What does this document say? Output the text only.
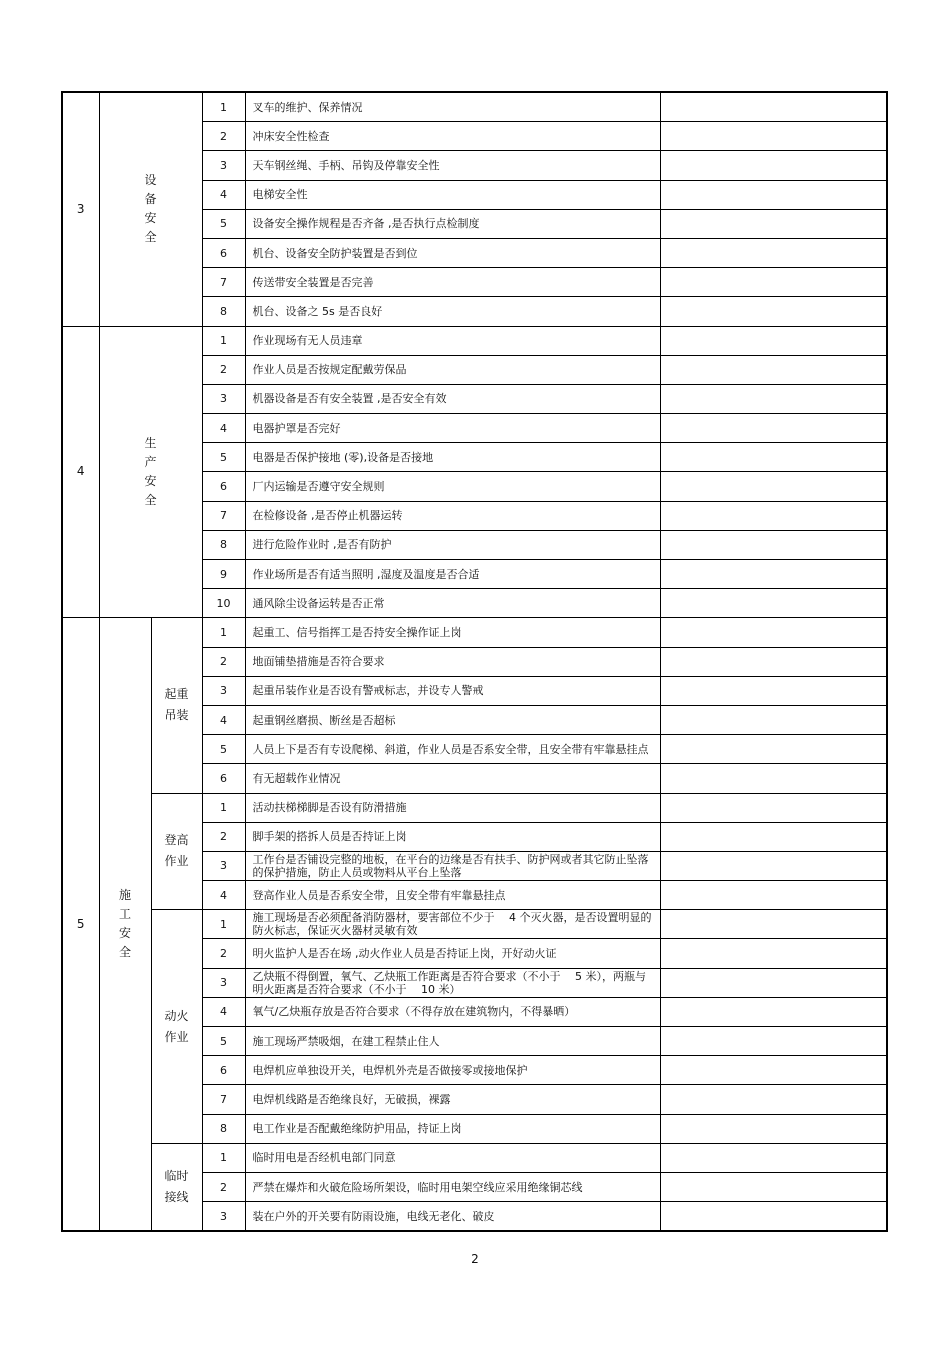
3	设备安全		1	叉车的维护、保养情况	
			2	冲床安全性检查	
			3	天车钢丝绳、手柄、吊钩及停靠安全性	
			4	电梯安全性	
			5	设备安全操作规程是否齐备 ,是否执行点检制度	
			6	机台、设备安全防护装置是否到位	
			7	传送带安全装置是否完善	
			8	机台、设备之 5s 是否良好	
4	生产安全		1	作业现场有无人员违章	
			2	作业人员是否按规定配戴劳保品	
			3	机器设备是否有安全装置 ,是否安全有效	
			4	电器护罩是否完好	
			5	电器是否保护接地 (零),设备是否接地	
			6	厂内运输是否遵守安全规则	
			7	在检修设备 ,是否停止机器运转	
			8	进行危险作业时 ,是否有防护	
			9	作业场所是否有适当照明 ,湿度及温度是否合适	
			10	通风除尘设备运转是否正常	
5	施工安全	起重吊装	1	起重工、信号指挥工是否持安全操作证上岗	
			2	地面铺垫措施是否符合要求	
			3	起重吊装作业是否设有警戒标志，并设专人警戒	
			4	起重钢丝磨损、断丝是否超标	
			5	人员上下是否有专设爬梯、斜道，作业人员是否系安全带，且安全带有牢靠悬挂点	
			6	有无超载作业情况	

		登高作业	1	活动扶梯梯脚是否设有防滑措施	
			2	脚手架的搭拆人员是否持证上岗	
			3	工作台是否铺设完整的地板，在平台的边缘是否有扶手、防护网或者其它防止坠落的保护措施，防止人员或物料从平台上坠落	
			4	登高作业人员是否系安全带，且安全带有牢靠悬挂点	

		动火作业	1	施工现场是否必须配备消防器材，要害部位不少于　 4 个灭火器，是否设置明显的防火标志，保证灭火器材灵敏有效	
			2	明火监护人是否在场 ,动火作业人员是否持证上岗，开好动火证	
			3	乙炔瓶不得倒置，氧气、乙炔瓶工作距离是否符合要求（不小于　 5 米），两瓶与明火距离是否符合要求（不小于　 10 米）	
			4	氧气/乙炔瓶存放是否符合要求（不得存放在建筑物内，不得暴晒）	
			5	施工现场严禁吸烟，在建工程禁止住人	
			6	电焊机应单独设开关，电焊机外壳是否做接零或接地保护	
			7	电焊机线路是否绝缘良好，无破损，裸露	
			8	电工作业是否配戴绝缘防护用品，持证上岗	

		临时接线	1	临时用电是否经机电部门同意	
			2	严禁在爆炸和火破危险场所架设，临时用电架空线应采用绝缘铜芯线	
			3	装在户外的开关要有防雨设施，电线无老化、破皮	
2
